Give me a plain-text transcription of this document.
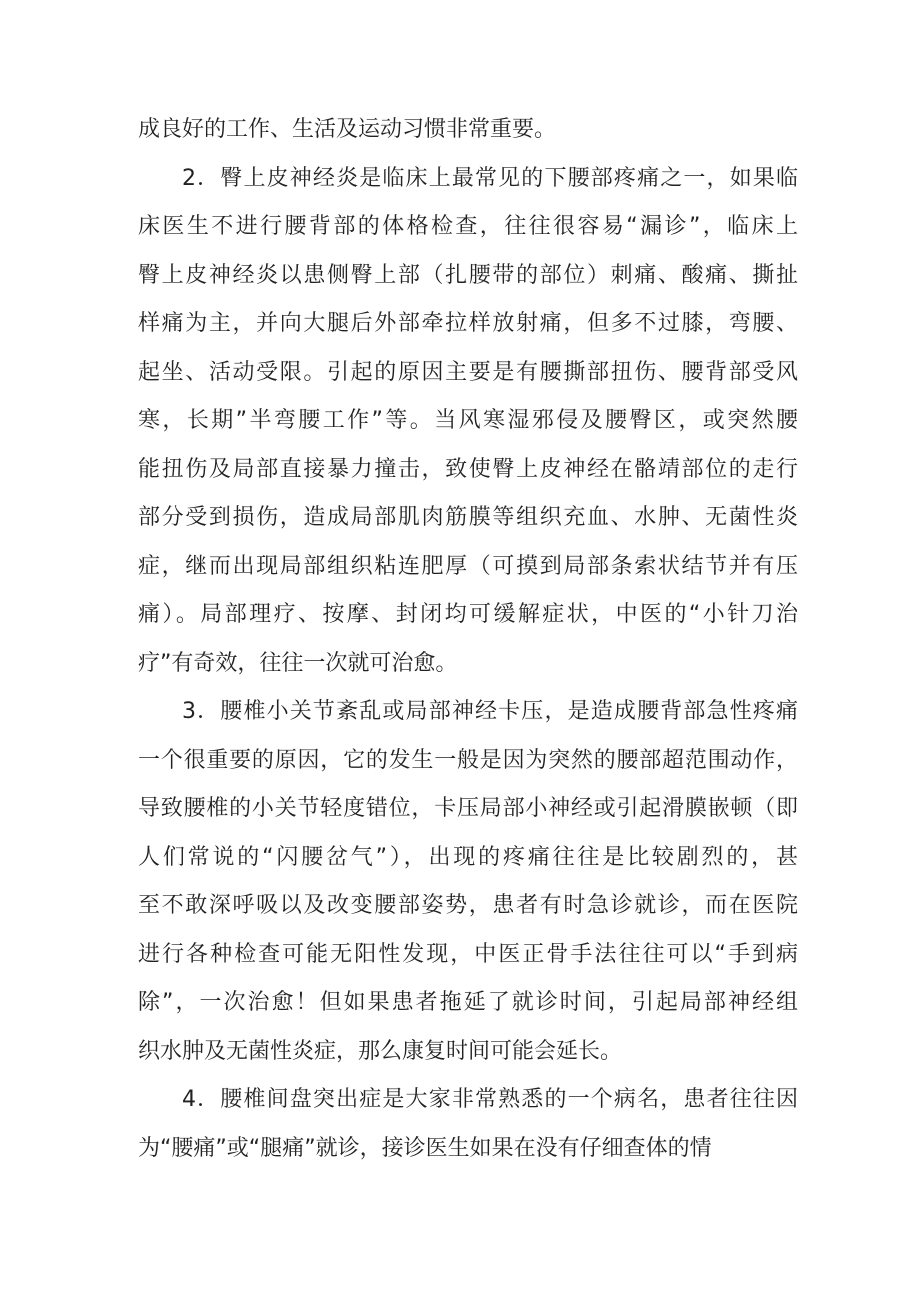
成良好的工作、生活及运动习惯非常重要。
2．臀上皮神经炎是临床上最常见的下腰部疼痛之一，如果临
床医生不进行腰背部的体格检查，往往很容易“漏诊”，临床上
臀上皮神经炎以患侧臀上部（扎腰带的部位）刺痛、酸痛、撕扯
样痛为主，并向大腿后外部牵拉样放射痛，但多不过膝，弯腰、
起坐、活动受限。引起的原因主要是有腰撕部扭伤、腰背部受风
寒，长期”半弯腰工作”等。当风寒湿邪侵及腰臀区，或突然腰
能扭伤及局部直接暴力撞击，致使臀上皮神经在骼靖部位的走行
部分受到损伤，造成局部肌肉筋膜等组织充血、水肿、无菌性炎
症，继而出现局部组织粘连肥厚（可摸到局部条索状结节并有压
痛）。局部理疗、按摩、封闭均可缓解症状，中医的“小针刀治
疗”有奇效，往往一次就可治愈。
3．腰椎小关节紊乱或局部神经卡压，是造成腰背部急性疼痛
一个很重要的原因，它的发生一般是因为突然的腰部超范围动作，
导致腰椎的小关节轻度错位，卡压局部小神经或引起滑膜嵌顿（即
人们常说的“闪腰岔气”），出现的疼痛往往是比较剧烈的，甚
至不敢深呼吸以及改变腰部姿势，患者有时急诊就诊，而在医院
进行各种检查可能无阳性发现，中医正骨手法往往可以“手到病
除”，一次治愈！但如果患者拖延了就诊时间，引起局部神经组
织水肿及无菌性炎症，那么康复时间可能会延长。
4．腰椎间盘突出症是大家非常熟悉的一个病名，患者往往因
为“腰痛”或“腿痛”就诊，接诊医生如果在没有仔细查体的情
